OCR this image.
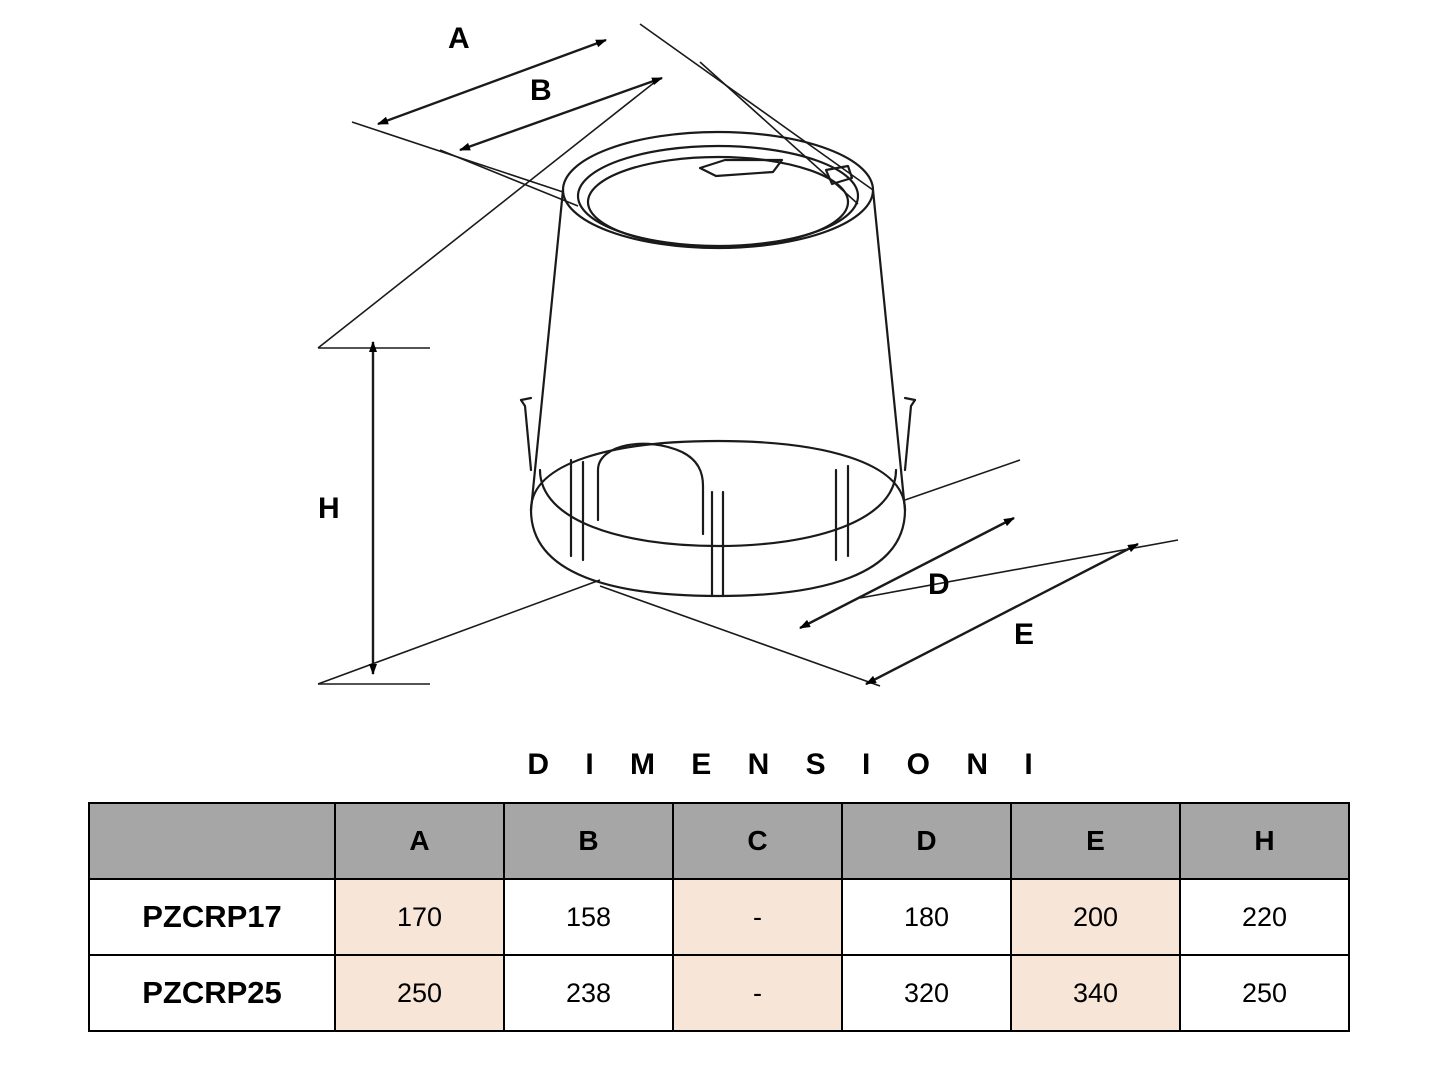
A
B
D
E
H
D I M E N S I O N I
	A	B	C	D	E	H
PZCRP17	170	158	-	180	200	220
PZCRP25	250	238	-	320	340	250
